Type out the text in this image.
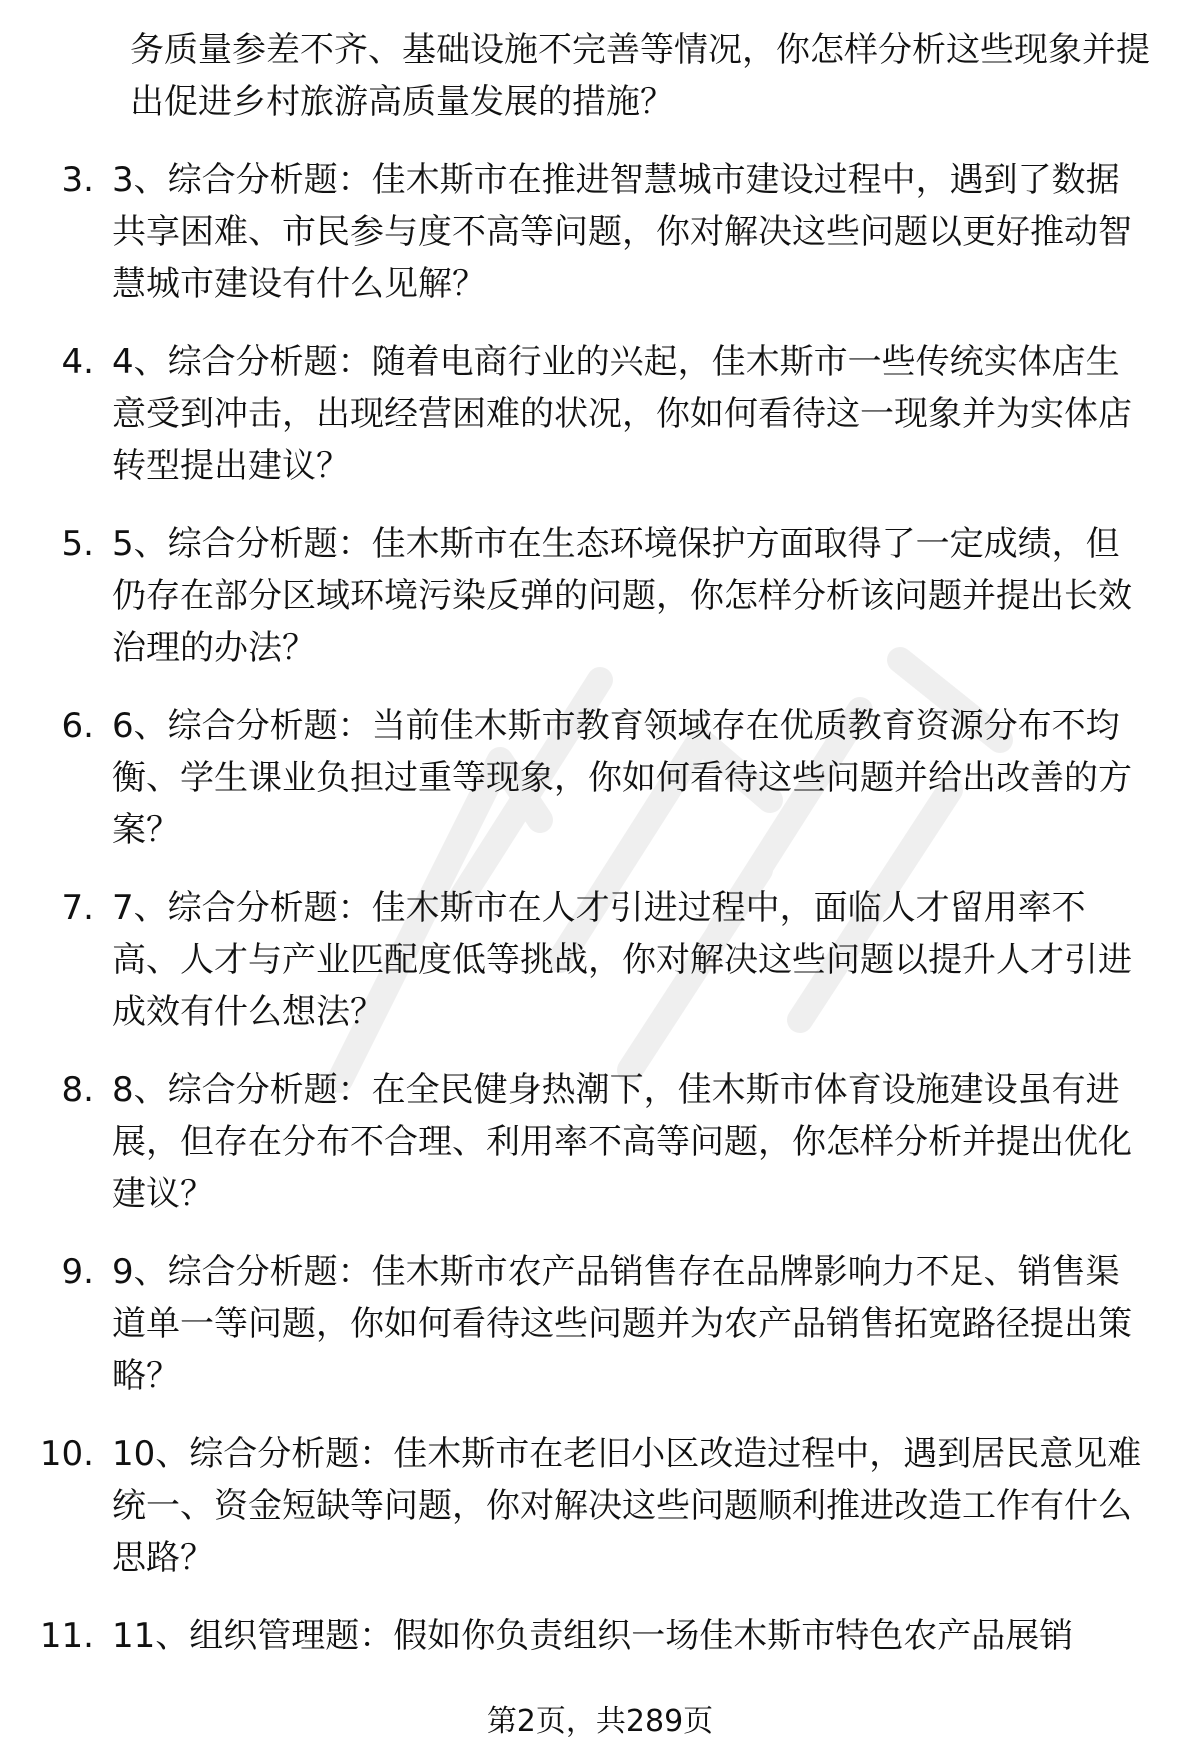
务质量参差不齐、基础设施不完善等情况，你怎样分析这些现象并提出促进乡村旅游高质量发展的措施？
3. 3、综合分析题：佳木斯市在推进智慧城市建设过程中，遇到了数据共享困难、市民参与度不高等问题，你对解决这些问题以更好推动智慧城市建设有什么见解？
4. 4、综合分析题：随着电商行业的兴起，佳木斯市一些传统实体店生意受到冲击，出现经营困难的状况，你如何看待这一现象并为实体店转型提出建议？
5. 5、综合分析题：佳木斯市在生态环境保护方面取得了一定成绩，但仍存在部分区域环境污染反弹的问题，你怎样分析该问题并提出长效治理的办法？
6. 6、综合分析题：当前佳木斯市教育领域存在优质教育资源分布不均衡、学生课业负担过重等现象，你如何看待这些问题并给出改善的方案？
7. 7、综合分析题：佳木斯市在人才引进过程中，面临人才留用率不高、人才与产业匹配度低等挑战，你对解决这些问题以提升人才引进成效有什么想法？
8. 8、综合分析题：在全民健身热潮下，佳木斯市体育设施建设虽有进展，但存在分布不合理、利用率不高等问题，你怎样分析并提出优化建议？
9. 9、综合分析题：佳木斯市农产品销售存在品牌影响力不足、销售渠道单一等问题，你如何看待这些问题并为农产品销售拓宽路径提出策略？
10. 10、综合分析题：佳木斯市在老旧小区改造过程中，遇到居民意见难统一、资金短缺等问题，你对解决这些问题顺利推进改造工作有什么思路？
11. 11、组织管理题：假如你负责组织一场佳木斯市特色农产品展销
第2页，共289页
